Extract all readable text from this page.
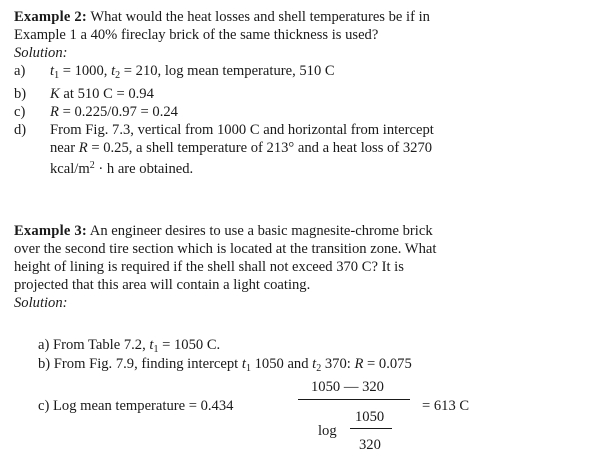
Example 2: What would the heat losses and shell temperatures be if in
Example 1 a 40% fireclay brick of the same thickness is used?

Solution:
a)	$t_1 = 1000$, $t_2 = 210$, log mean temperature, 510 C
b)	K at 510 C = 0.94
c)	R = 0.225/0.97 = 0.24
d)	From Fig. 7.3, vertical from 1000 C and horizontal from intercept
near R = 0.25, a shell temperature of 213° and a heat loss of 3270
kcal/$m^2 \cdot h$ are obtained.

Example 3: An engineer desires to use a basic magnesite-chrome brick
over the second tire section which is located at the transition zone. What
height of lining is required if the shell shall not exceed 370 C? It is
projected that this area will contain a light coating.

Solution:
a) From Table 7.2, $t_1 = 1050$ C.
b) From Fig. 7.9, finding intercept $t_1$ 1050 and $t_2$ 370: R = 0.075
c) Log mean temperature = 0.434
1050 — 320
log
1050
320
= 613 C
